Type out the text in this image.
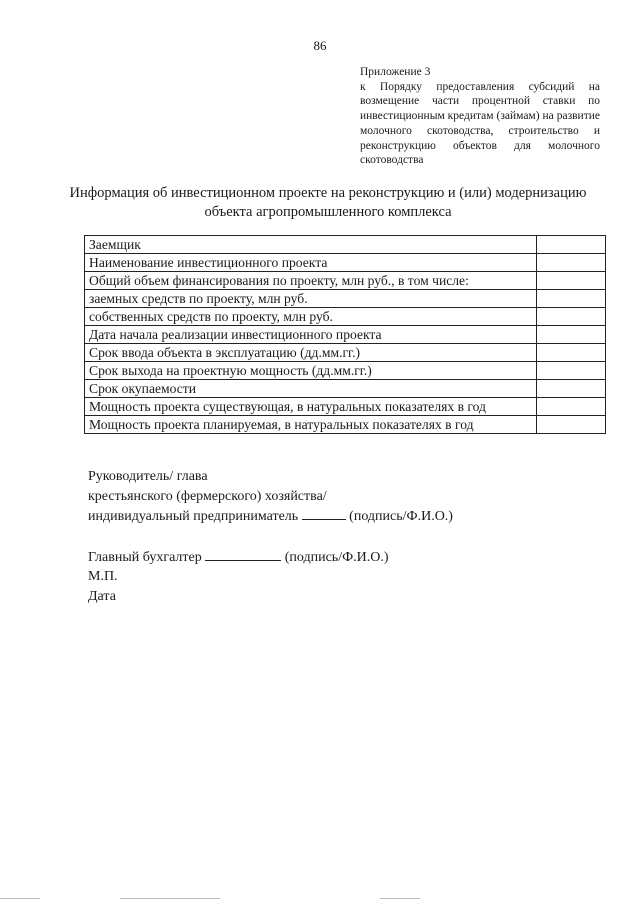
86
Приложение 3
к Порядку предоставления субсидий на возмещение части процентной ставки по инвестиционным кредитам (займам) на развитие молочного скотоводства, строительство и реконструкцию объектов для молочного скотоводства
Информация об инвестиционном проекте на реконструкцию и (или) модернизацию объекта агропромышленного комплекса
Заемщик	
Наименование инвестиционного проекта	
Общий объем финансирования по проекту, млн руб., в том числе:	
заемных средств по проекту, млн руб.	
собственных средств по проекту, млн руб.	
Дата начала реализации инвестиционного проекта	
Срок ввода объекта в эксплуатацию (дд.мм.гг.)	
Срок выхода на проектную мощность (дд.мм.гг.)	
Срок окупаемости	
Мощность проекта существующая, в натуральных показателях в год	
Мощность проекта планируемая, в натуральных показателях в год	
Руководитель/ глава
крестьянского (фермерского) хозяйства/
индивидуальный предприниматель	(подпись/Ф.И.О.)
Главный бухгалтер	(подпись/Ф.И.О.)
М.П.
Дата
